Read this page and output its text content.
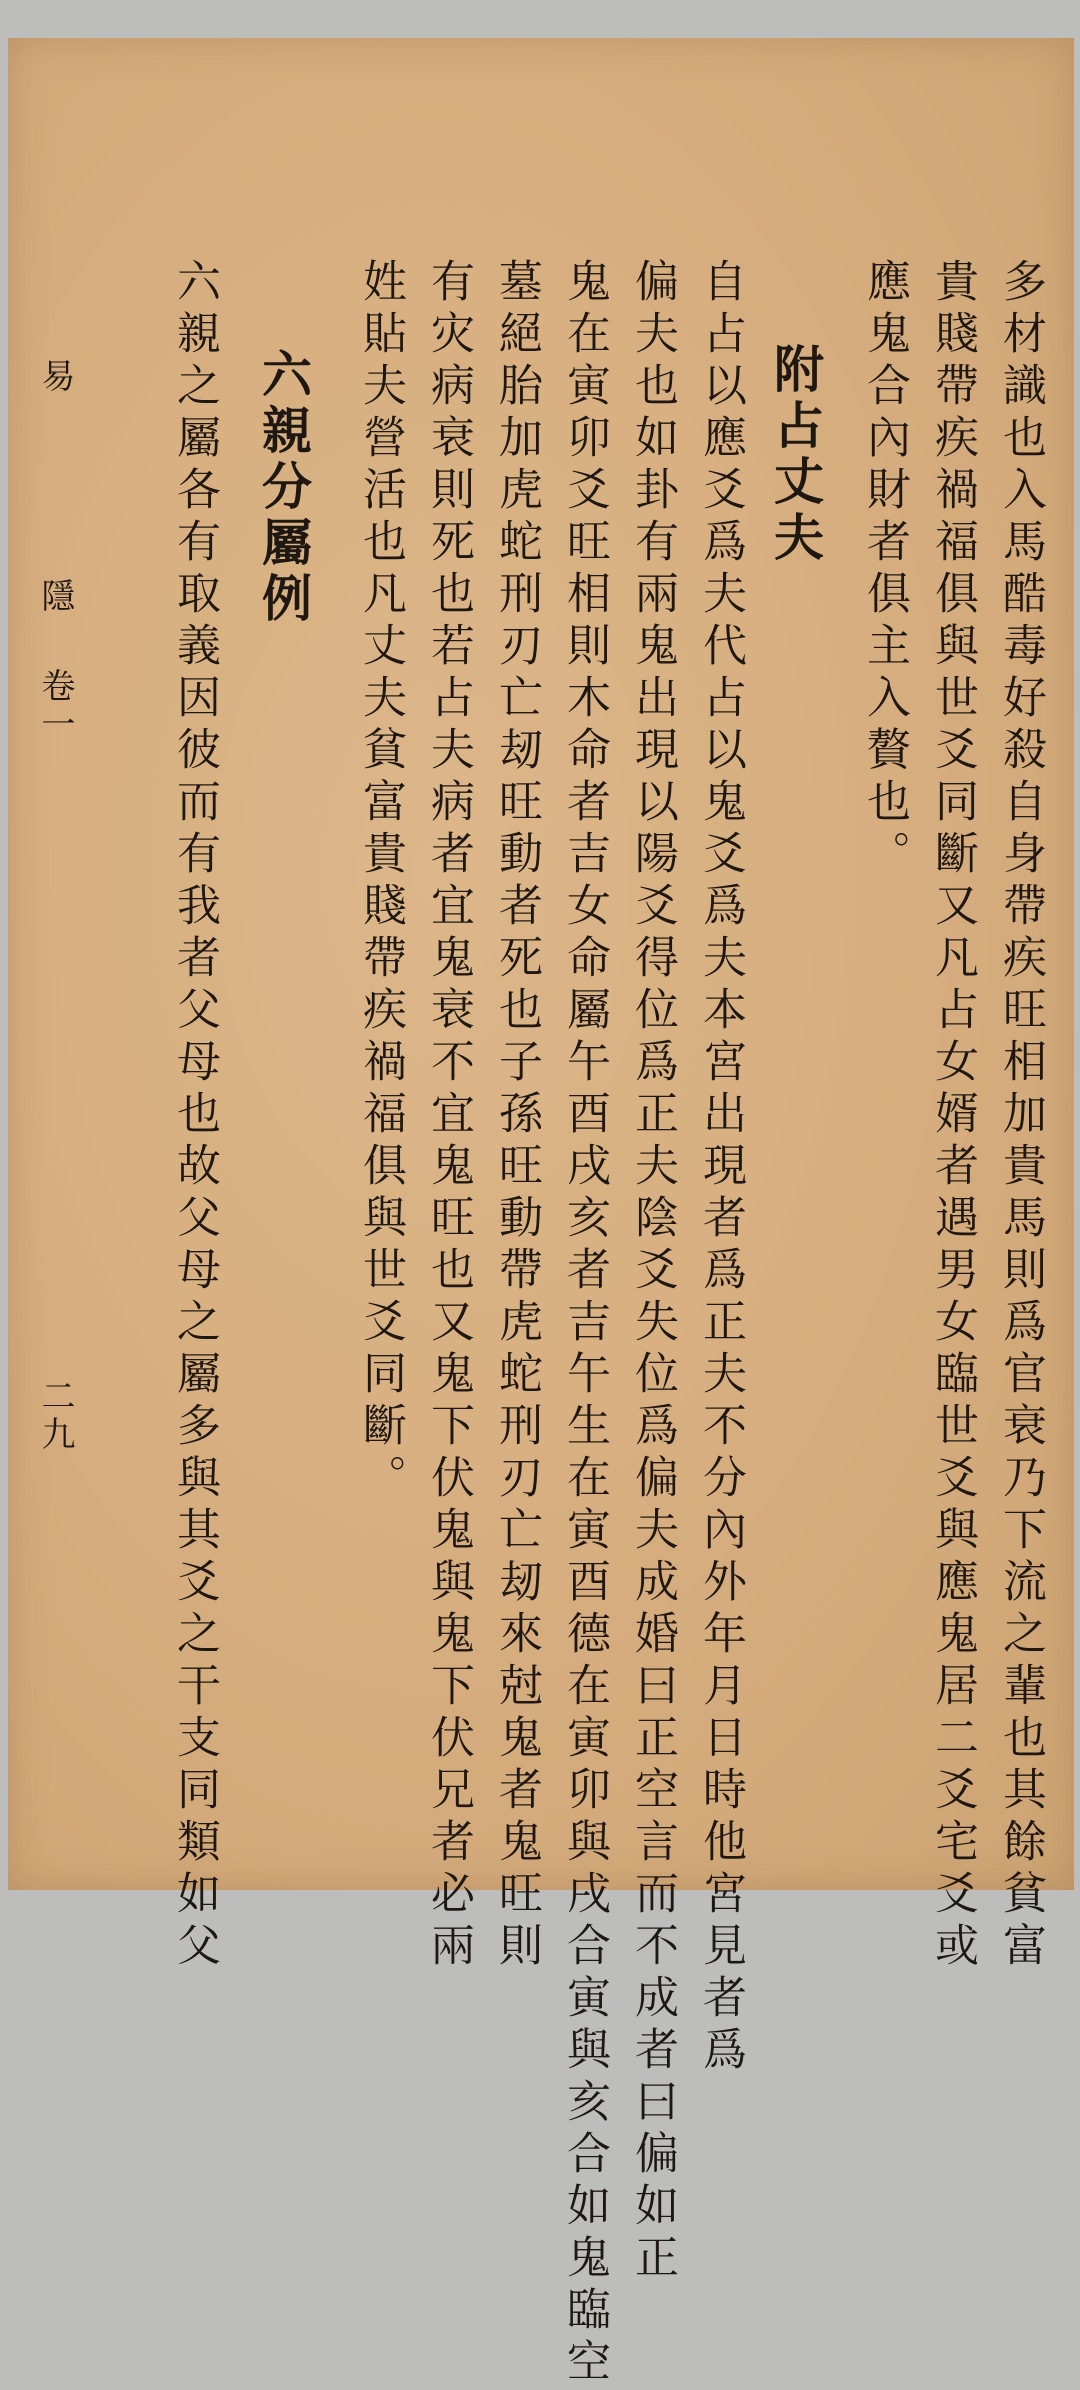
多材識也入馬酷毒好殺自身帶疾旺相加貴馬則爲官衰乃下流之輩也其餘貧富
貴賤帶疾禍福俱與世爻同斷又凡占女婿者遇男女臨世爻與應鬼居二爻宅爻或
應鬼合內財者俱主入贅也。
附占丈夫
自占以應爻爲夫代占以鬼爻爲夫本宮出現者爲正夫不分內外年月日時他宮見者爲
偏夫也如卦有兩鬼出現以陽爻得位爲正夫陰爻失位爲偏夫成婚曰正空言而不成者曰偏如正
鬼在寅卯爻旺相則木命者吉女命屬午酉戌亥者吉午生在寅酉德在寅卯與戌合寅與亥合如鬼臨空
墓絕胎加虎蛇刑刃亡刼旺動者死也子孫旺動帶虎蛇刑刃亡刼來尅鬼者鬼旺則
有灾病衰則死也若占夫病者宜鬼衰不宜鬼旺也又鬼下伏鬼與鬼下伏兄者必兩
姓貼夫營活也凡丈夫貧富貴賤帶疾禍福俱與世爻同斷。
六親分屬例
六親之屬各有取義因彼而有我者父母也故父母之屬多與其爻之干支同類如父
易
隱
卷一
二九
